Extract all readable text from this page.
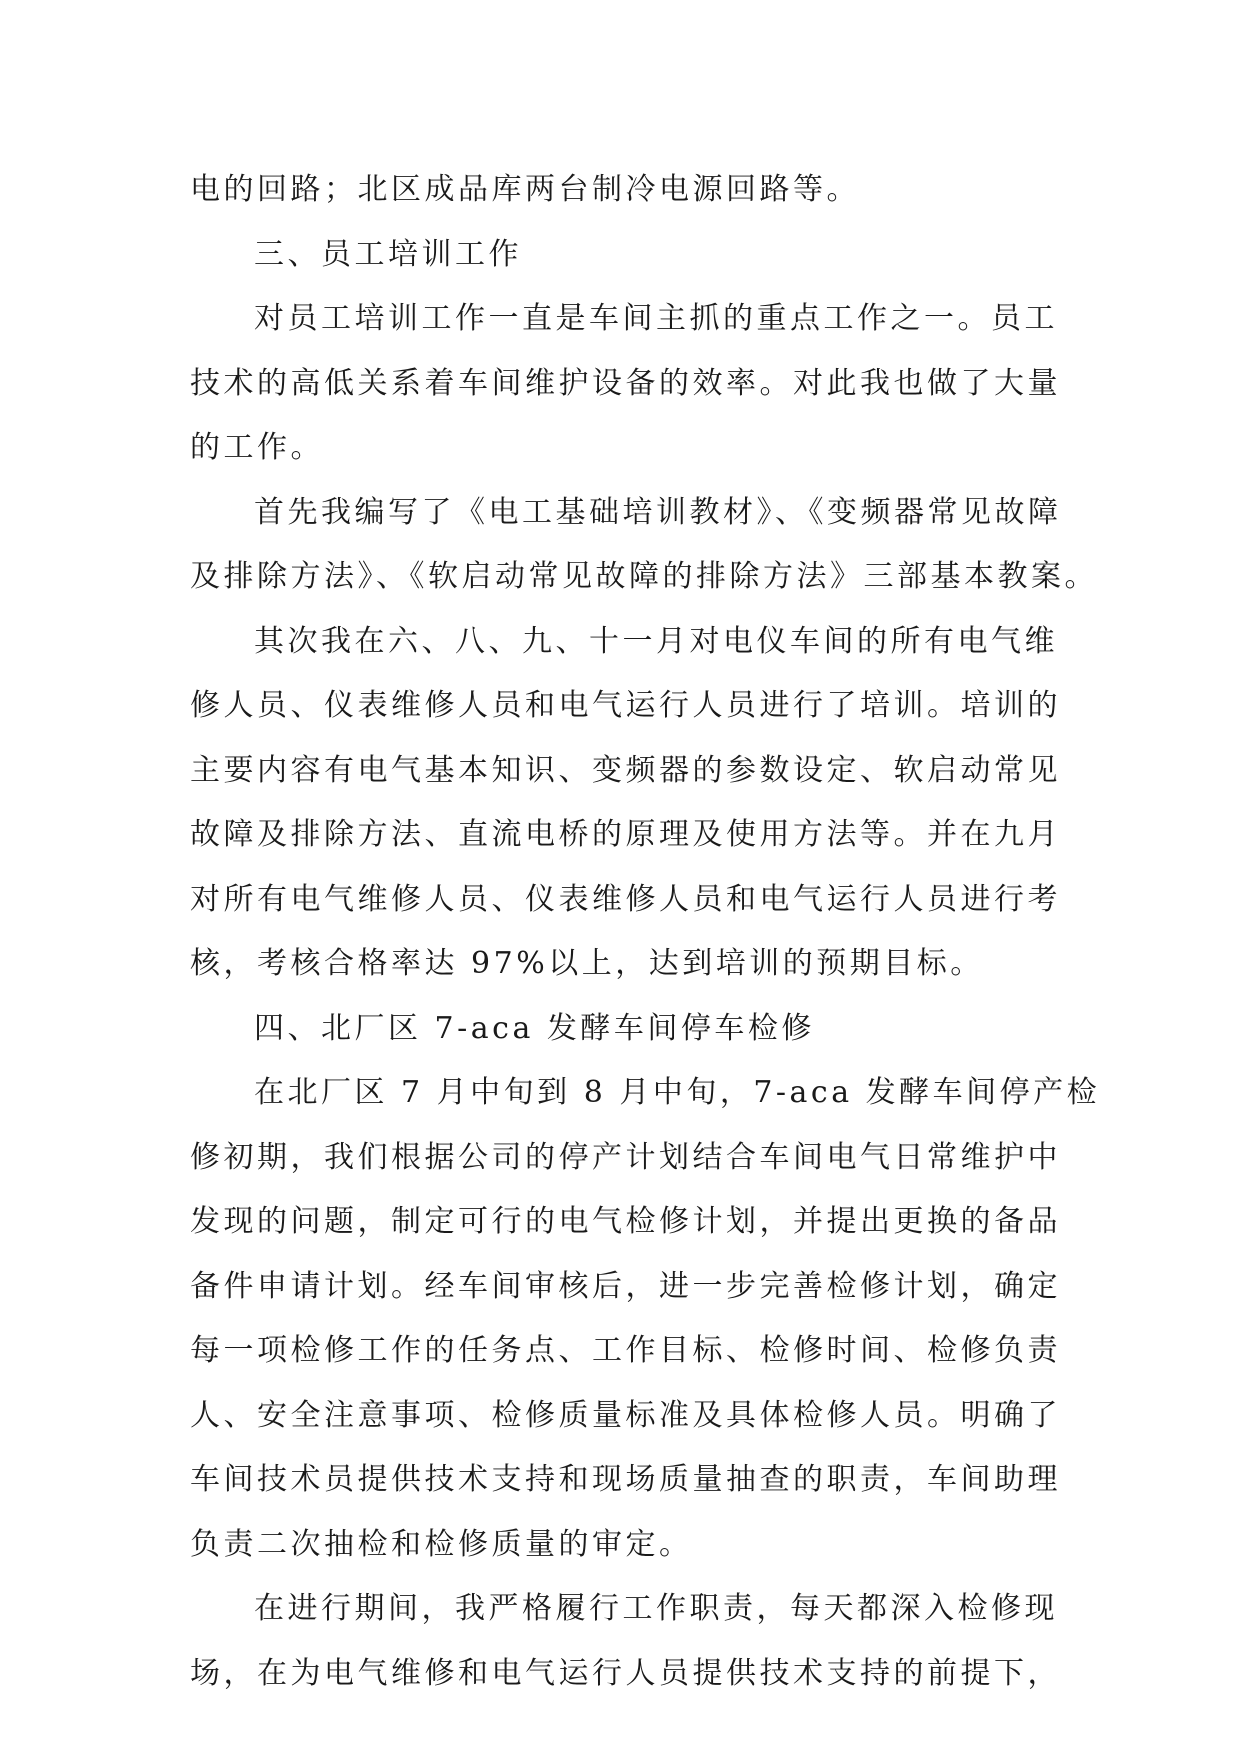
电的回路；北区成品库两台制冷电源回路等。
三、员工培训工作
对员工培训工作一直是车间主抓的重点工作之一。员工
技术的高低关系着车间维护设备的效率。对此我也做了大量
的工作。
首先我编写了《电工基础培训教材》、《变频器常见故障
及排除方法》、《软启动常见故障的排除方法》三部基本教案。
其次我在六、八、九、十一月对电仪车间的所有电气维
修人员、仪表维修人员和电气运行人员进行了培训。培训的
主要内容有电气基本知识、变频器的参数设定、软启动常见
故障及排除方法、直流电桥的原理及使用方法等。并在九月
对所有电气维修人员、仪表维修人员和电气运行人员进行考
核，考核合格率达 97%以上，达到培训的预期目标。
四、北厂区 7-aca 发酵车间停车检修
在北厂区 7 月中旬到 8 月中旬，7-aca 发酵车间停产检
修初期，我们根据公司的停产计划结合车间电气日常维护中
发现的问题，制定可行的电气检修计划，并提出更换的备品
备件申请计划。经车间审核后，进一步完善检修计划，确定
每一项检修工作的任务点、工作目标、检修时间、检修负责
人、安全注意事项、检修质量标准及具体检修人员。明确了
车间技术员提供技术支持和现场质量抽查的职责，车间助理
负责二次抽检和检修质量的审定。
在进行期间，我严格履行工作职责，每天都深入检修现
场，在为电气维修和电气运行人员提供技术支持的前提下，
